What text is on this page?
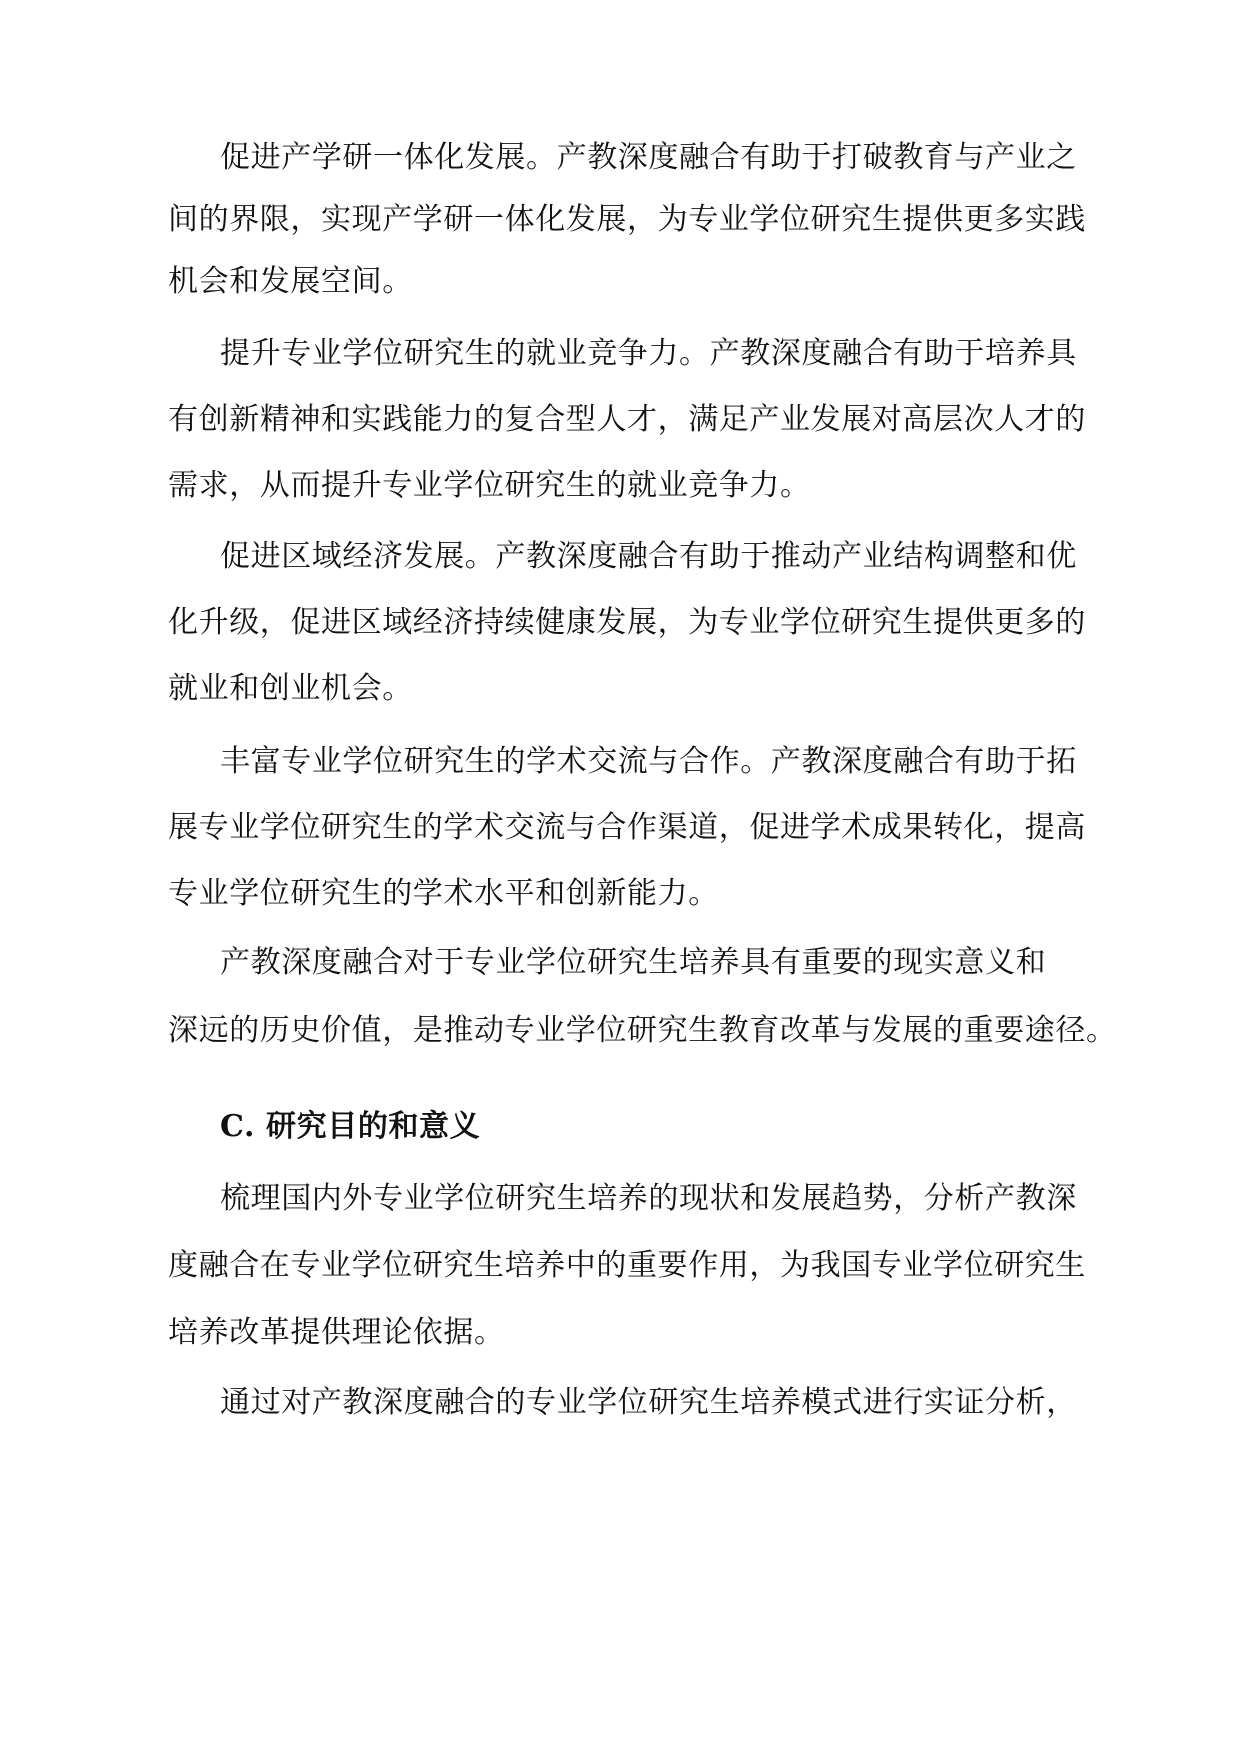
促进产学研一体化发展。产教深度融合有助于打破教育与产业之
间的界限，实现产学研一体化发展，为专业学位研究生提供更多实践
机会和发展空间。
提升专业学位研究生的就业竞争力。产教深度融合有助于培养具
有创新精神和实践能力的复合型人才，满足产业发展对高层次人才的
需求，从而提升专业学位研究生的就业竞争力。
促进区域经济发展。产教深度融合有助于推动产业结构调整和优
化升级，促进区域经济持续健康发展，为专业学位研究生提供更多的
就业和创业机会。
丰富专业学位研究生的学术交流与合作。产教深度融合有助于拓
展专业学位研究生的学术交流与合作渠道，促进学术成果转化，提高
专业学位研究生的学术水平和创新能力。
产教深度融合对于专业学位研究生培养具有重要的现实意义和
深远的历史价值，是推动专业学位研究生教育改革与发展的重要途径。
C. 研究目的和意义
梳理国内外专业学位研究生培养的现状和发展趋势，分析产教深
度融合在专业学位研究生培养中的重要作用，为我国专业学位研究生
培养改革提供理论依据。
通过对产教深度融合的专业学位研究生培养模式进行实证分析，
